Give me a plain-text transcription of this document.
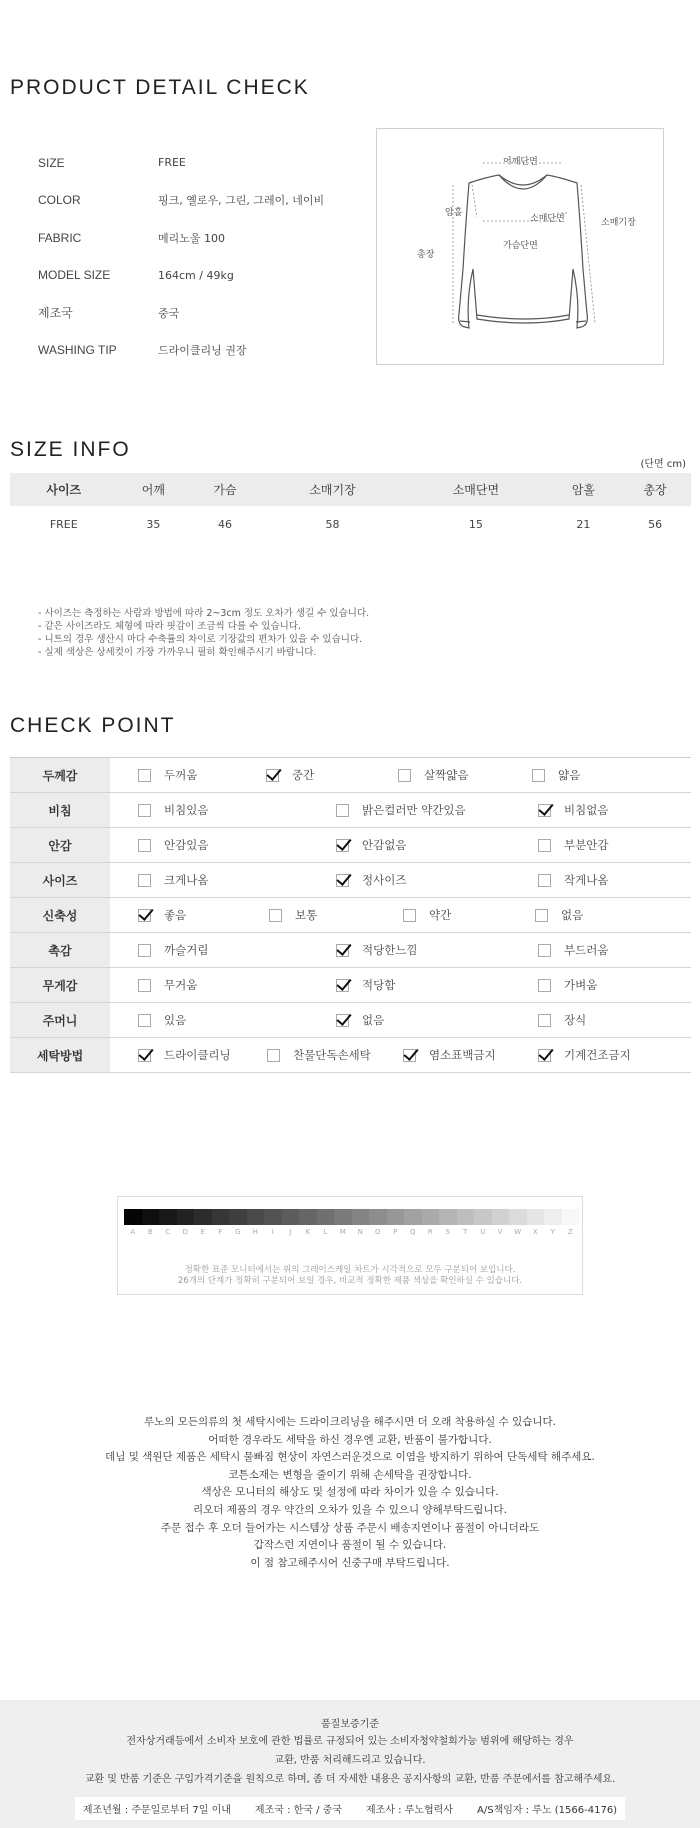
PRODUCT DETAIL CHECK
SIZE	FREE
COLOR	핑크, 옐로우, 그린, 그레이, 네이비
FABRIC	메리노울 100
MODEL SIZE	164cm / 49kg
제조국	중국
WASHING TIP	드라이클리닝 권장
어깨단면
암홀
소매단면	소매기장
가슴단면
총장
SIZE INFO
(단면 cm)
사이즈	어깨	가슴	소매기장	소매단면	암홀	총장
FREE	35	46	58	15	21	56
- 사이즈는 측정하는 사람과 방법에 따라 2~3cm 정도 오차가 생길 수 있습니다.
- 같은 사이즈라도 체형에 따라 핏감이 조금씩 다를 수 있습니다.
- 니트의 경우 생산시 마다 수축률의 차이로 기장값의 편차가 있을 수 있습니다.
- 실제 색상은 상세컷이 가장 가까우니 필히 확인해주시기 바랍니다.
CHECK POINT
두께감	두꺼움	중간	살짝얇음	얇음
비침	비침있음	밝은컬러만 약간있음	비침없음
안감	안감있음	안감없음	부분안감
사이즈	크게나옴	정사이즈	작게나옴
신축성	좋음	보통	약간	없음
촉감	까슬거림	적당한느낌	부드러움
무게감	무거움	적당함	가벼움
주머니	있음	없음	장식
세탁방법	드라이클리닝	찬물단독손세탁	염소표백금지	기계건조금지
A	B	C	D	E	F	G	H	I	J	K	L	M	N	O	P	Q	R	S	T	U	V	W	X	Y	Z
정확한 표준 모니터에서는 위의 그레이스케일 차트가 시각적으로 모두 구분되어 보입니다.
26개의 단계가 정확히 구분되어 보일 경우, 비교적 정확한 제품 색상을 확인하실 수 있습니다.
루노의 모든의류의 첫 세탁시에는 드라이크리닝을 해주시면 더 오래 착용하실 수 있습니다.
어떠한 경우라도 세탁을 하신 경우엔 교환, 반품이 불가합니다.
데님 및 색원단 제품은 세탁시 물빠짐 현상이 자연스러운것으로 이염을 방지하기 위하여 단독세탁 해주세요.
코튼소재는 변형을 줄이기 위해 손세탁을 권장합니다.
색상은 모니터의 해상도 및 설정에 따라 차이가 있을 수 있습니다.
리오더 제품의 경우 약간의 오차가 있을 수 있으니 양해부탁드립니다.
주문 접수 후 오더 들어가는 시스템상 상품 주문시 배송지연이나 품절이 아니더라도
갑작스런 지연이나 품절이 될 수 있습니다.
이 점 참고해주시어 신중구매 부탁드립니다.
품질보증기준
전자상거래등에서 소비자 보호에 관한 법률로 규정되어 있는 소비자청약철회가능 범위에 해당하는 경우
교환, 반품 처리해드리고 있습니다.
교환 및 반품 기준은 구입가격기준을 원칙으로 하며, 좀 더 자세한 내용은 공지사항의 교환, 반품 주문에서를 참고해주세요.
제조년월 : 주문일로부터 7일 이내 제조국 : 한국 / 중국 제조사 : 루노협력사 A/S책임자 : 루노 (1566-4176)
